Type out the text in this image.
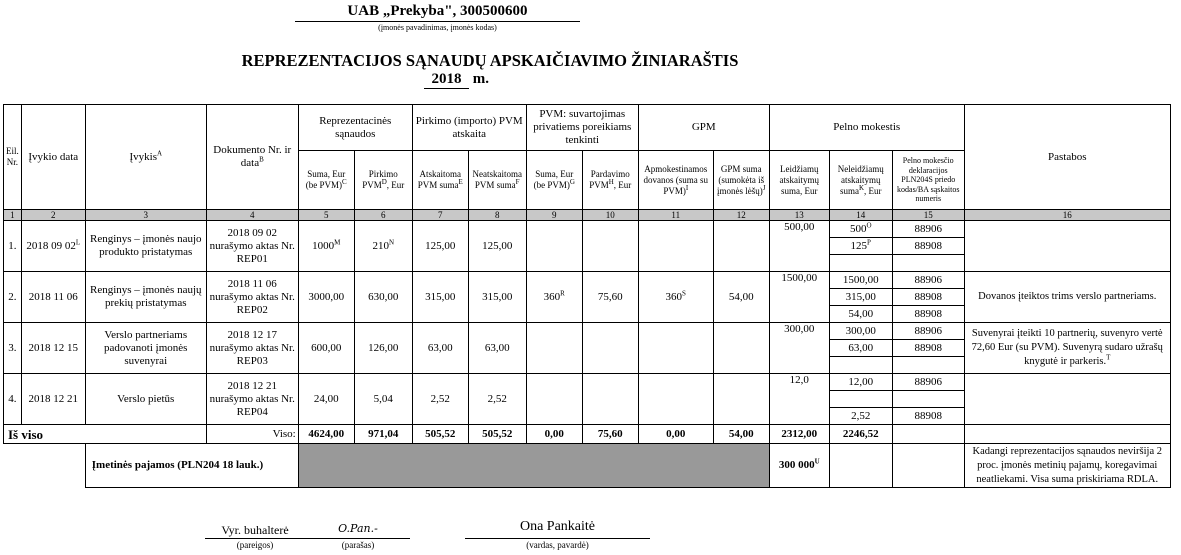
UAB „Prekyba", 300500600
(įmonės pavadinimas, įmonės kodas)
REPREZENTACIJOS SĄNAUDŲ APSKAIČIAVIMO ŽINIARAŠTIS
2018 m.
Eil. Nr.	Įvykio data	Įvykis$^A$	Dokumento Nr. ir data$^B$	Reprezentacinės sąnaudos		Pirkimo (importo) PVM atskaita		PVM: suvartojimas privatiems poreikiams tenkinti		GPM		Pelno mokestis			Pastabos
				Suma, Eur (be PVM)$^C$	Pirkimo $PVM^D$, Eur	Atskaitoma PVM suma$^E$	Neatskaitoma PVM suma$^F$	Suma, Eur (be PVM)$^G$	Pardavimo $PVM^H$, Eur	Apmokestinamos dovanos (suma su PVM)$^I$	GPM suma (sumokėta iš įmonės lėšų)$^J$	Leidžiamų atskaitymų suma, Eur	Neleidžiamų atskaitymų suma$^K$, Eur	Pelno mokesčio deklaracijos PLN204S priedo kodas/BA sąskaitos numeris	
1	2	3	4	5	6	7	8	9	10	11	12	13	14	15	16
1.	2018 09 $02^L$	Renginys – įmonės naujo produkto pristatymas	2018 09 02 nurašymo aktas Nr. REP01	$1000^M$	$210^N$	125,00	125,00					500,00	$500^O$	88906	
													$125^P$	88908	

2.	2018 11 06	Renginys – įmonės naujų prekių pristatymas	2018 11 06 nurašymo aktas Nr. REP02	3000,00	630,00	315,00	315,00	$360^R$	75,60	$360^S$	54,00	1500,00	1500,00	88906	Dovanos įteiktos trims verslo partneriams.
													315,00	88908	
													54,00	88908	
3.	2018 12 15	Verslo partneriams padovanoti įmonės suvenyrai	2018 12 17 nurašymo aktas Nr. REP03	600,00	126,00	63,00	63,00					300,00	300,00	88906	Suvenyrai įteikti 10 partnerių, suvenyro vertė 72,60 Eur (su PVM). Suvenyrą sudaro užrašų knygutė ir parkeris.$^T$
													63,00	88908	

4.	2018 12 21	Verslo pietūs	2018 12 21 nurašymo aktas Nr. REP04	24,00	5,04	2,52	2,52					12,0	12,00	88906	

													2,52	88908	
Iš viso			Viso:	4624,00	971,04	505,52	505,52	0,00	75,60	0,00	54,00	2312,00	2246,52		
		Įmetinės pajamos (PLN204 18 lauk.)										300 $000^U$			Kadangi reprezentacijos sąnaudos neviršija 2 proc. įmonės metinių pajamų, koregavimai neatliekami. Visa suma priskiriama RDLA.
Vyr. buhalterė	O.Pan.-
(pareigos)	(parašas)
Ona Pankaitė
(vardas, pavardė)
